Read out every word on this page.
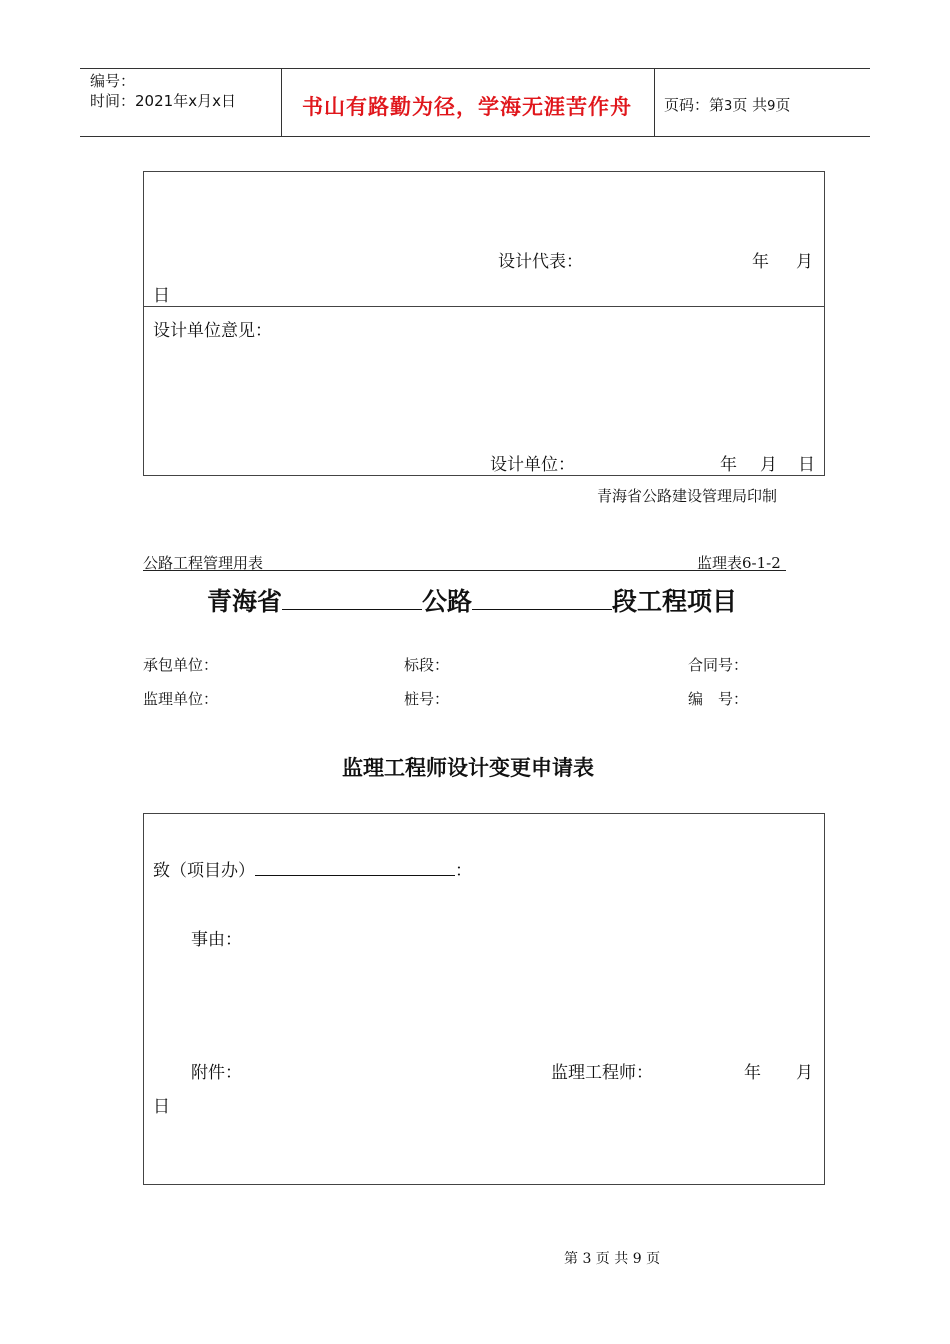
编号：
时间：2021年x月x日	书山有路勤为径，学海无涯苦作舟 页码：第3页 共9页
设计代表：	年 月
日
设计单位意见：
设计单位：	年 月 日
青海省公路建设管理局印制
公路工程管理用表	监理表6-1-2
青海省	公路	段工程项目
承包单位：	标段：	合同号：
监理单位：	桩号：	编　号：
监理工程师设计变更申请表
致（项目办）	：
事由：
附件：	监理工程师：	年 月
日
第 3 页 共 9 页
